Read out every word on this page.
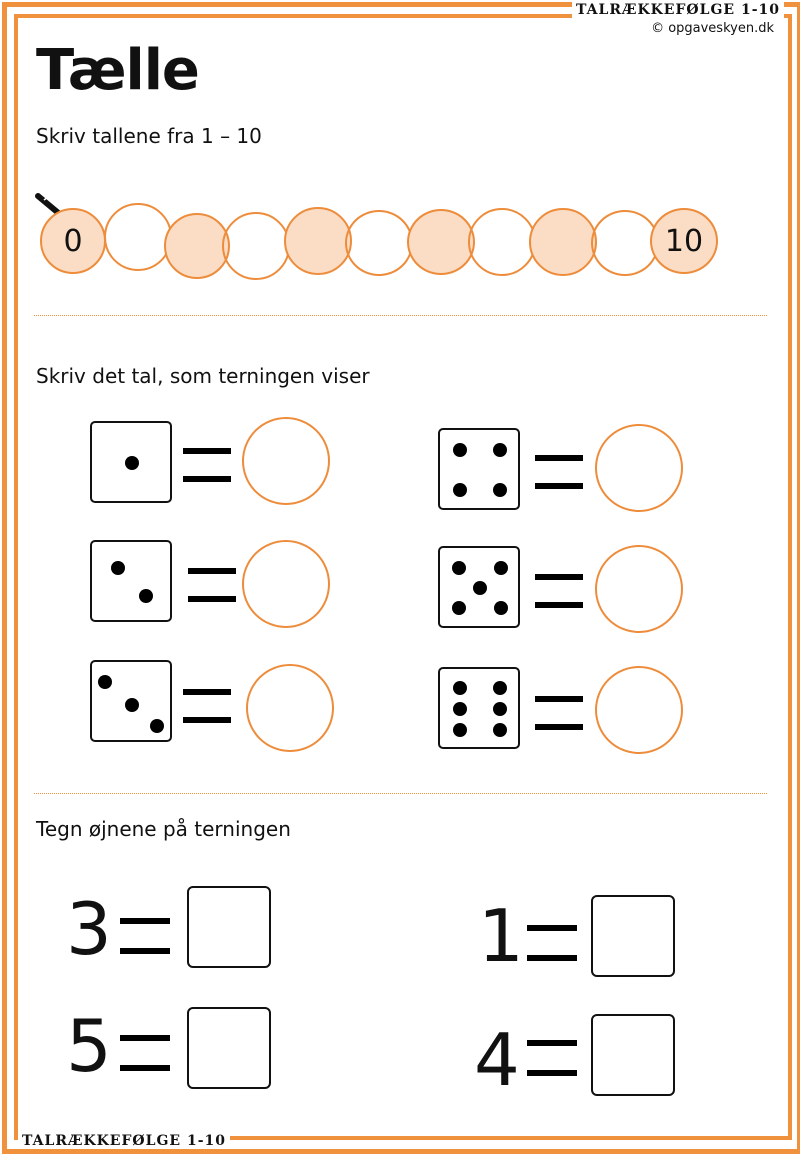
TALRÆKKEFØLGE 1-10
© opgaveskyen.dk
Tælle
Skriv tallene fra 1 – 10
0	10
Skriv det tal, som terningen viser
Tegn øjnene på terningen
3
5
1
4
TALRÆKKEFØLGE 1-10
